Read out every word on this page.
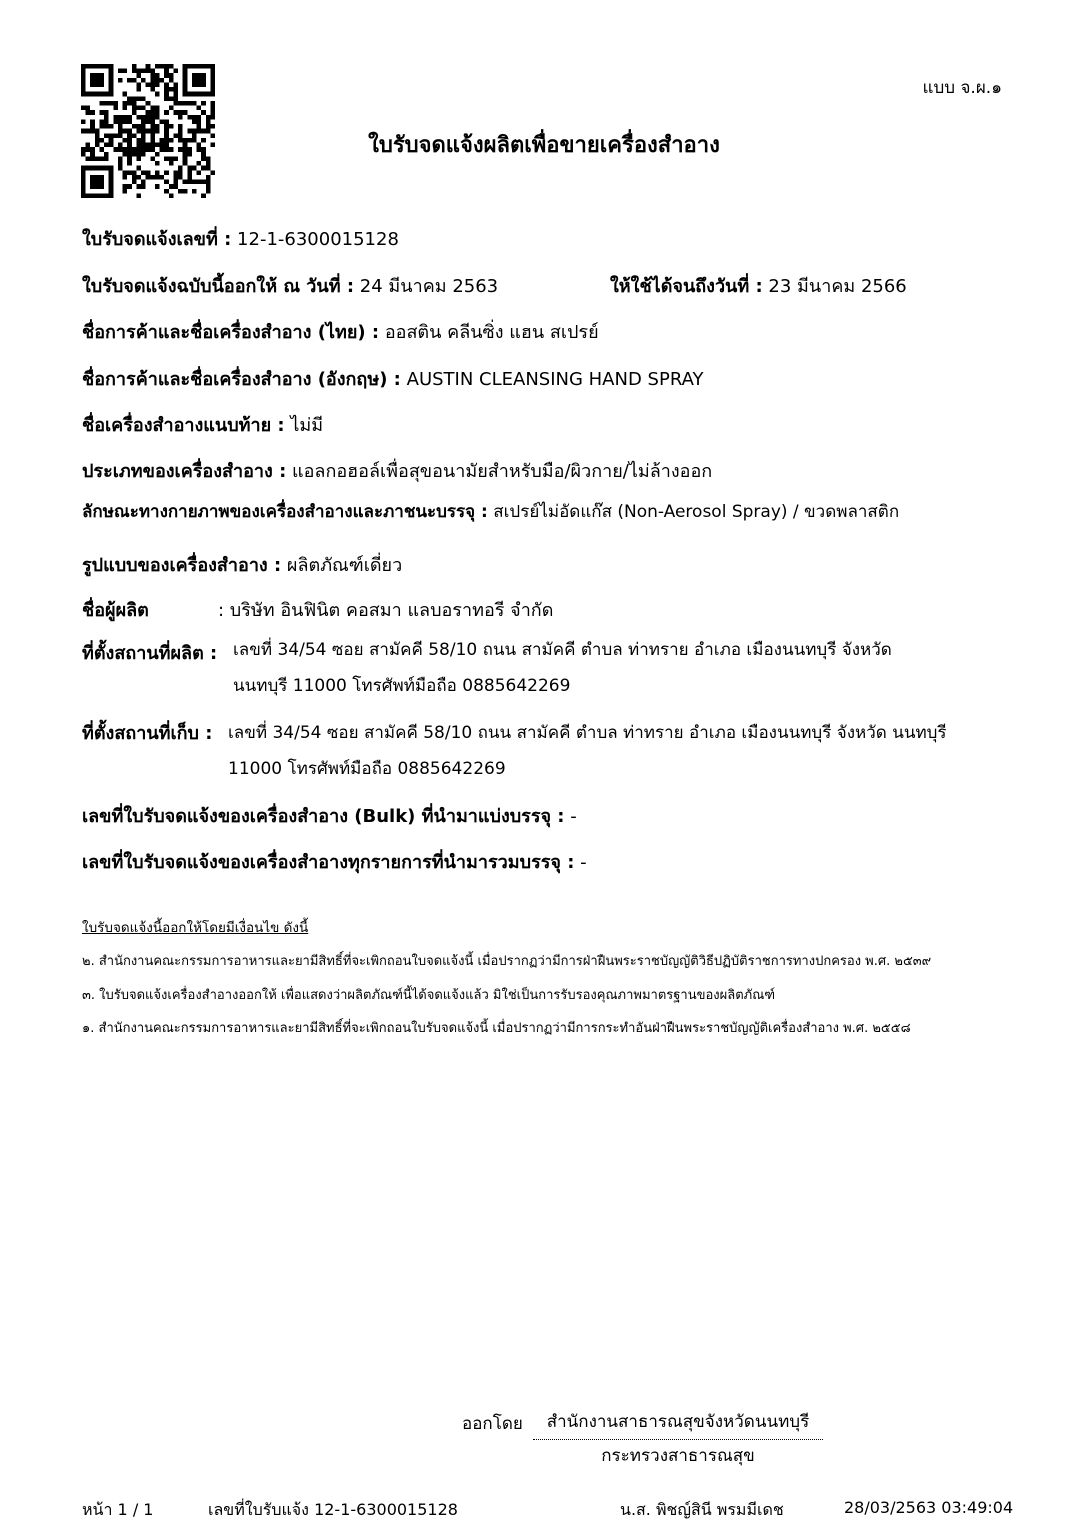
แบบ จ.ผ.๑
ใบรับจดแจ้งผลิตเพื่อขายเครื่องสำอาง
ใบรับจดแจ้งเลขที่ : 12-1-6300015128
ใบรับจดแจ้งฉบับนี้ออกให้ ณ วันที่ : 24 มีนาคม 2563	ให้ใช้ได้จนถึงวันที่ : 23 มีนาคม 2566
ชื่อการค้าและชื่อเครื่องสำอาง (ไทย) : ออสติน คลีนซิ่ง แฮน สเปรย์
ชื่อการค้าและชื่อเครื่องสำอาง (อังกฤษ) : AUSTIN CLEANSING HAND SPRAY
ชื่อเครื่องสำอางแนบท้าย : ไม่มี
ประเภทของเครื่องสำอาง : แอลกอฮอล์เพื่อสุขอนามัยสำหรับมือ/ผิวกาย/ไม่ล้างออก
ลักษณะทางกายภาพของเครื่องสำอางและภาชนะบรรจุ : สเปรย์ไม่อัดแก๊ส (Non-Aerosol Spray) / ขวดพลาสติก
รูปแบบของเครื่องสำอาง : ผลิตภัณฑ์เดี่ยว
ชื่อผู้ผลิต	: บริษัท อินฟินิต คอสมา แลบอราทอรี จำกัด
ที่ตั้งสถานที่ผลิต : เลขที่ 34/54 ซอย สามัคคี 58/10 ถนน สามัคคี ตำบล ท่าทราย อำเภอ เมืองนนทบุรี จังหวัด
นนทบุรี 11000 โทรศัพท์มือถือ 0885642269
ที่ตั้งสถานที่เก็บ : เลขที่ 34/54 ซอย สามัคคี 58/10 ถนน สามัคคี ตำบล ท่าทราย อำเภอ เมืองนนทบุรี จังหวัด นนทบุรี
11000 โทรศัพท์มือถือ 0885642269
เลขที่ใบรับจดแจ้งของเครื่องสำอาง (Bulk) ที่นำมาแบ่งบรรจุ : -
เลขที่ใบรับจดแจ้งของเครื่องสำอางทุกรายการที่นำมารวมบรรจุ : -
ใบรับจดแจ้งนี้ออกให้โดยมีเงื่อนไข ดังนี้
๒. สำนักงานคณะกรรมการอาหารและยามีสิทธิ์ที่จะเพิกถอนใบจดแจ้งนี้ เมื่อปรากฏว่ามีการฝ่าฝืนพระราชบัญญัติวิธีปฏิบัติราชการทางปกครอง พ.ศ. ๒๕๓๙
๓. ใบรับจดแจ้งเครื่องสำอางออกให้ เพื่อแสดงว่าผลิตภัณฑ์นี้ได้จดแจ้งแล้ว มิใช่เป็นการรับรองคุณภาพมาตรฐานของผลิตภัณฑ์
๑. สำนักงานคณะกรรมการอาหารและยามีสิทธิ์ที่จะเพิกถอนใบรับจดแจ้งนี้ เมื่อปรากฏว่ามีการกระทำอันฝ่าฝืนพระราชบัญญัติเครื่องสำอาง พ.ศ. ๒๕๕๘
ออกโดย	สำนักงานสาธารณสุขจังหวัดนนทบุรี
กระทรวงสาธารณสุข
หน้า 1 / 1	เลขที่ใบรับแจ้ง 12-1-6300015128	น.ส. พิชญ์สินี พรมมีเดช	28/03/2563 03:49:04
